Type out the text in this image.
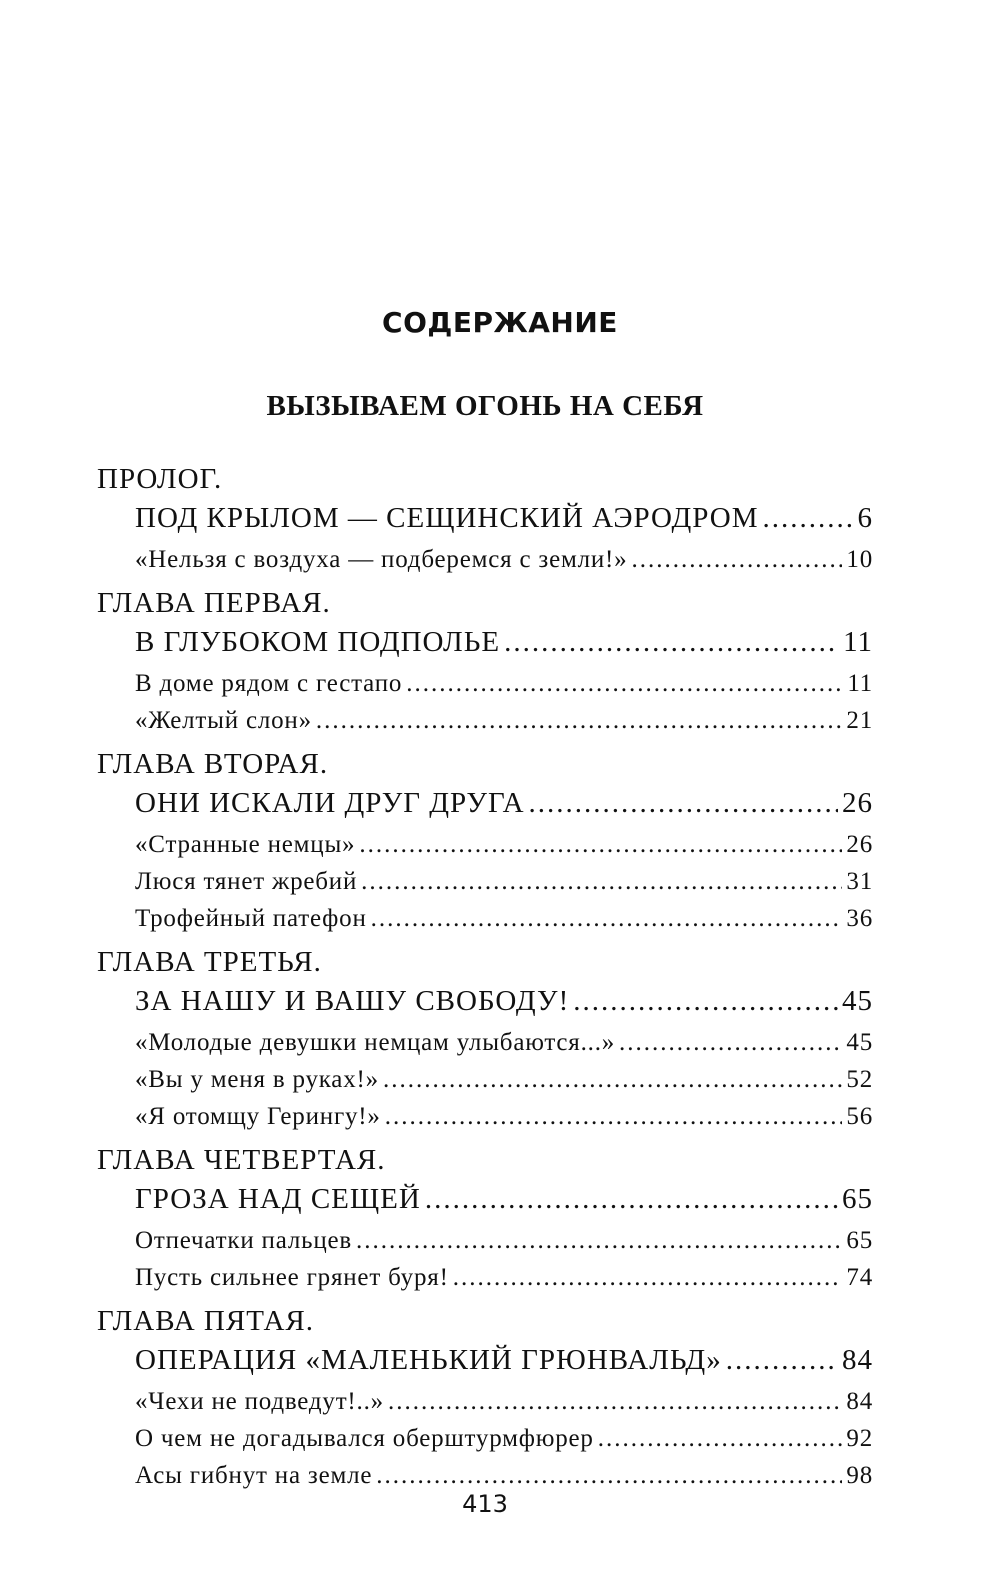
СОДЕРЖАНИЕ
ВЫЗЫВАЕМ ОГОНЬ НА СЕБЯ
ПРОЛОГ.
ПОД КРЫЛОМ — СЕЩИНСКИЙ АЭРОДРОМ .....	6
«Нельзя с воздуха — подберемся с земли!» .....	10
ГЛАВА ПЕРВАЯ.
В ГЛУБОКОМ ПОДПОЛЬЕ .....	11
В доме рядом с гестапо .....	11
«Желтый слон» .....	21
ГЛАВА ВТОРАЯ.
ОНИ ИСКАЛИ ДРУГ ДРУГА .....	26
«Странные немцы» .....	26
Люся тянет жребий .....	31
Трофейный патефон .....	36
ГЛАВА ТРЕТЬЯ.
ЗА НАШУ И ВАШУ СВОБОДУ! .....	45
«Молодые девушки немцам улыбаются...» .....	45
«Вы у меня в руках!» .....	52
«Я отомщу Герингу!» .....	56
ГЛАВА ЧЕТВЕРТАЯ.
ГРОЗА НАД СЕЩЕЙ .....	65
Отпечатки пальцев .....	65
Пусть сильнее грянет буря! .....	74
ГЛАВА ПЯТАЯ.
ОПЕРАЦИЯ «МАЛЕНЬКИЙ ГРЮНВАЛЬД» .....	84
«Чехи не подведут!..» .....	84
О чем не догадывался оберштурмфюрер .....	92
Асы гибнут на земле .....	98
413
